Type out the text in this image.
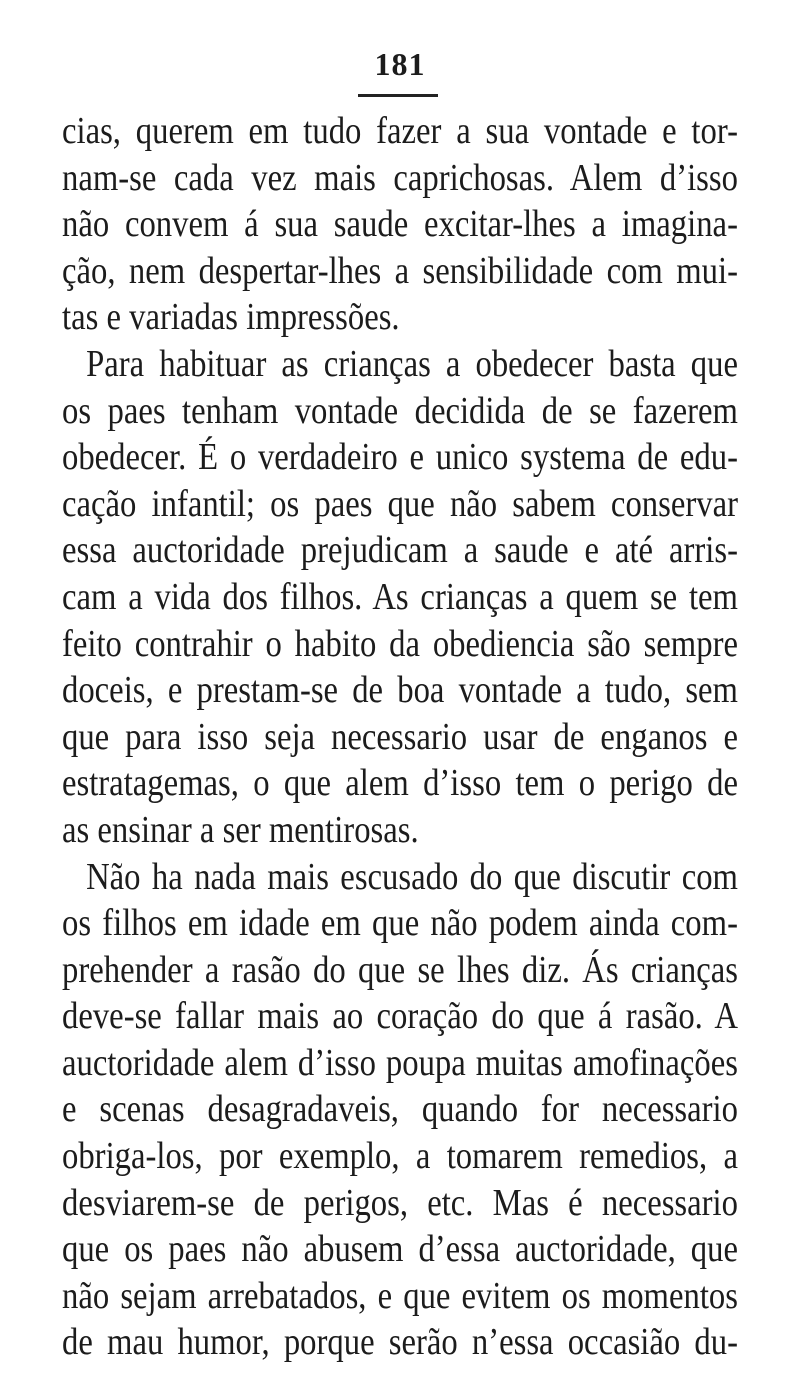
181
cias, querem em tudo fazer a sua vontade e tor-
nam-se cada vez mais caprichosas. Alem d’isso
não convem á sua saude excitar-lhes a imagina-
ção, nem despertar-lhes a sensibilidade com mui-
tas e variadas impressões.
Para habituar as crianças a obedecer basta que
os paes tenham vontade decidida de se fazerem
obedecer. É o verdadeiro e unico systema de edu-
cação infantil; os paes que não sabem conservar
essa auctoridade prejudicam a saude e até arris-
cam a vida dos filhos. As crianças a quem se tem
feito contrahir o habito da obediencia são sempre
doceis, e prestam-se de boa vontade a tudo, sem
que para isso seja necessario usar de enganos e
estratagemas, o que alem d’isso tem o perigo de
as ensinar a ser mentirosas.
Não ha nada mais escusado do que discutir com
os filhos em idade em que não podem ainda com-
prehender a rasão do que se lhes diz. Ás crianças
deve-se fallar mais ao coração do que á rasão. A
auctoridade alem d’isso poupa muitas amofinações
e scenas desagradaveis, quando for necessario
obriga-los, por exemplo, a tomarem remedios, a
desviarem-se de perigos, etc. Mas é necessario
que os paes não abusem d’essa auctoridade, que
não sejam arrebatados, e que evitem os momentos
de mau humor, porque serão n’essa occasião du-
